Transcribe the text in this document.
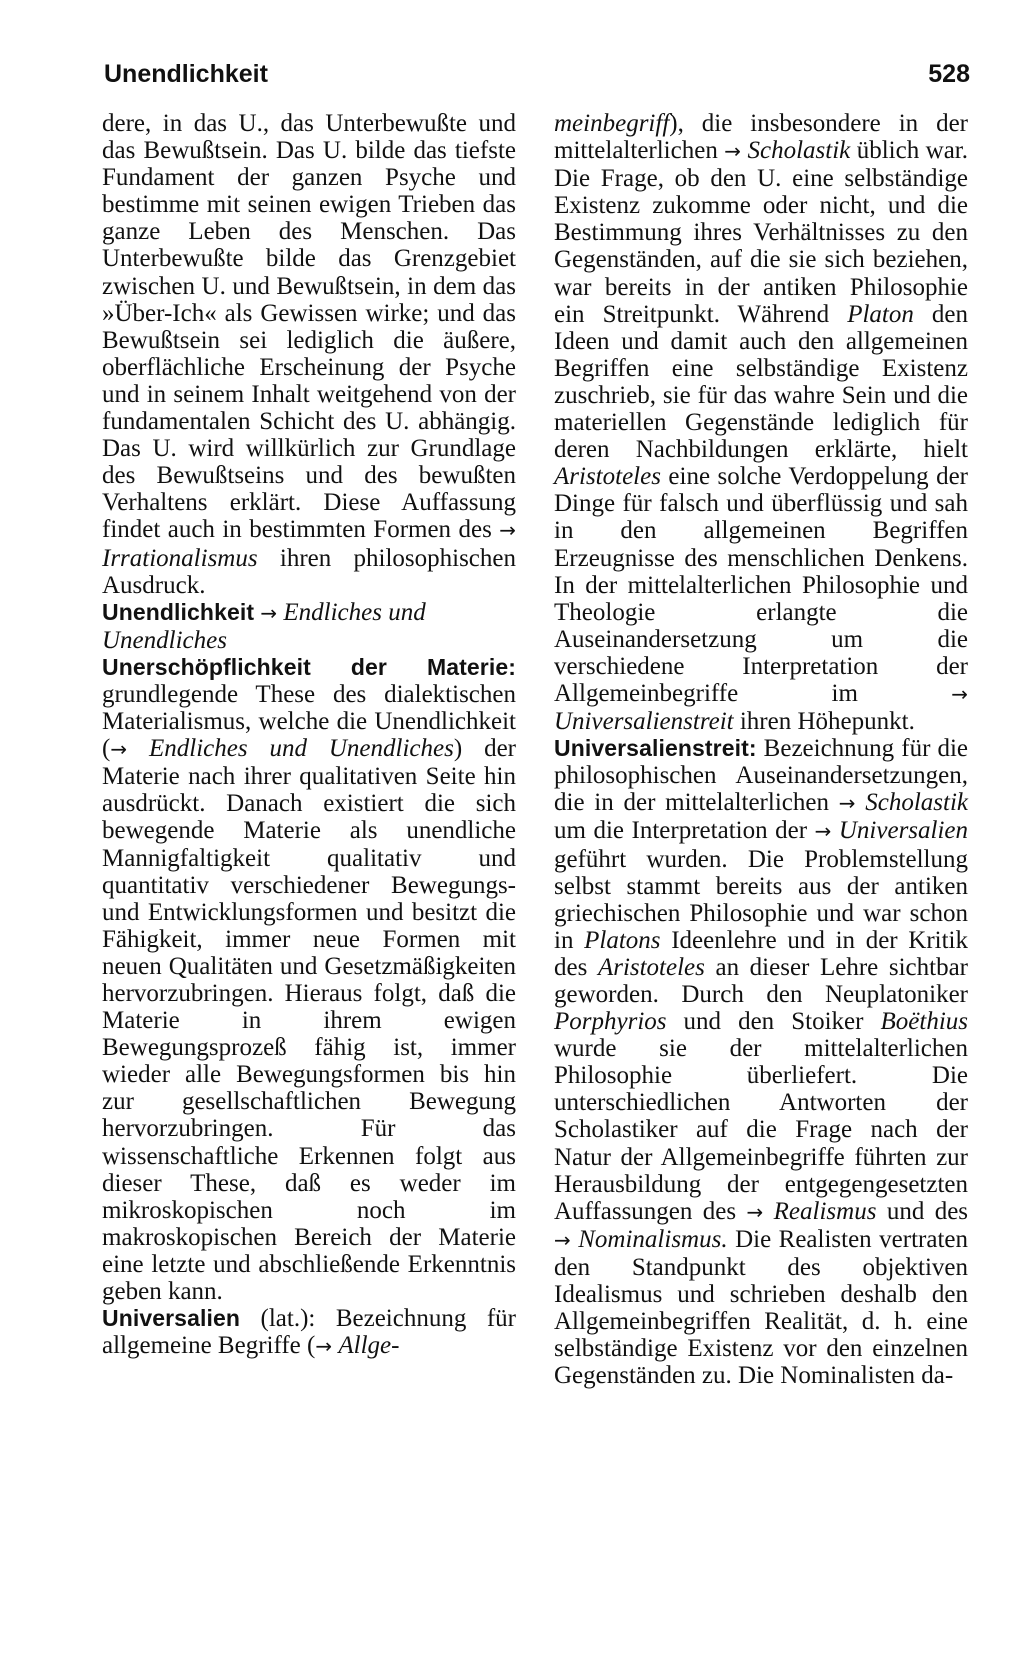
Unendlichkeit	528

dere, in das U., das Unterbewußte und das Bewußtsein. Das U. bilde das tiefste Fundament der ganzen Psyche und bestimme mit seinen ewigen Trieben das ganze Leben des Menschen. Das Unterbewußte bilde das Grenzgebiet zwischen U. und Bewußtsein, in dem das »Über-Ich« als Gewissen wirke; und das Bewußtsein sei lediglich die äußere, oberflächliche Erscheinung der Psyche und in seinem Inhalt weitgehend von der fundamentalen Schicht des U. abhängig. Das U. wird willkürlich zur Grundlage des Bewußtseins und des bewußten Verhaltens erklärt. Diese Auffassung findet auch in bestimmten Formen des → Irrationalismus ihren philosophischen Ausdruck.

Unendlichkeit → Endliches und Unendliches

Unerschöpflichkeit der Materie: grundlegende These des dialektischen Materialismus, welche die Unendlichkeit (→ Endliches und Unendliches) der Materie nach ihrer qualitativen Seite hin ausdrückt. Danach existiert die sich bewegende Materie als unendliche Mannigfaltigkeit qualitativ und quantitativ verschiedener Bewegungs- und Entwicklungsformen und besitzt die Fähigkeit, immer neue Formen mit neuen Qualitäten und Gesetzmäßigkeiten hervorzubringen. Hieraus folgt, daß die Materie in ihrem ewigen Bewegungsprozeß fähig ist, immer wieder alle Bewegungsformen bis hin zur gesellschaftlichen Bewegung hervorzubringen. Für das wissenschaftliche Erkennen folgt aus dieser These, daß es weder im mikroskopischen noch im makroskopischen Bereich der Materie eine letzte und abschließende Erkenntnis geben kann.

Universalien (lat.): Bezeichnung für allgemeine Begriffe (→ Allge-

meinbegriff), die insbesondere in der mittelalterlichen → Scholastik üblich war. Die Frage, ob den U. eine selbständige Existenz zukomme oder nicht, und die Bestimmung ihres Verhältnisses zu den Gegenständen, auf die sie sich beziehen, war bereits in der antiken Philosophie ein Streitpunkt. Während Platon den Ideen und damit auch den allgemeinen Begriffen eine selbständige Existenz zuschrieb, sie für das wahre Sein und die materiellen Gegenstände lediglich für deren Nachbildungen erklärte, hielt Aristoteles eine solche Verdoppelung der Dinge für falsch und überflüssig und sah in den allgemeinen Begriffen Erzeugnisse des menschlichen Denkens. In der mittelalterlichen Philosophie und Theologie erlangte die Auseinandersetzung um die verschiedene Interpretation der Allgemeinbegriffe im	→ Universalienstreit ihren Höhepunkt.

Universalienstreit: Bezeichnung für die philosophischen Auseinandersetzungen, die in der mittelalterlichen → Scholastik um die Interpretation der → Universalien geführt wurden. Die Problemstellung selbst stammt bereits aus der antiken griechischen Philosophie und war schon in Platons Ideenlehre und in der Kritik des Aristoteles an dieser Lehre sichtbar geworden. Durch den Neuplatoniker Porphyrios und den Stoiker Boëthius wurde sie der mittelalterlichen Philosophie überliefert. Die unterschiedlichen Antworten der Scholastiker auf die Frage nach der Natur der Allgemeinbegriffe führten zur Herausbildung der entgegengesetzten Auffassungen des → Realismus und des → Nominalismus. Die Realisten vertraten den Standpunkt des objektiven Idealismus und schrieben deshalb den Allgemeinbegriffen Realität, d. h. eine selbständige Existenz vor den einzelnen Gegenständen zu. Die Nominalisten da-
